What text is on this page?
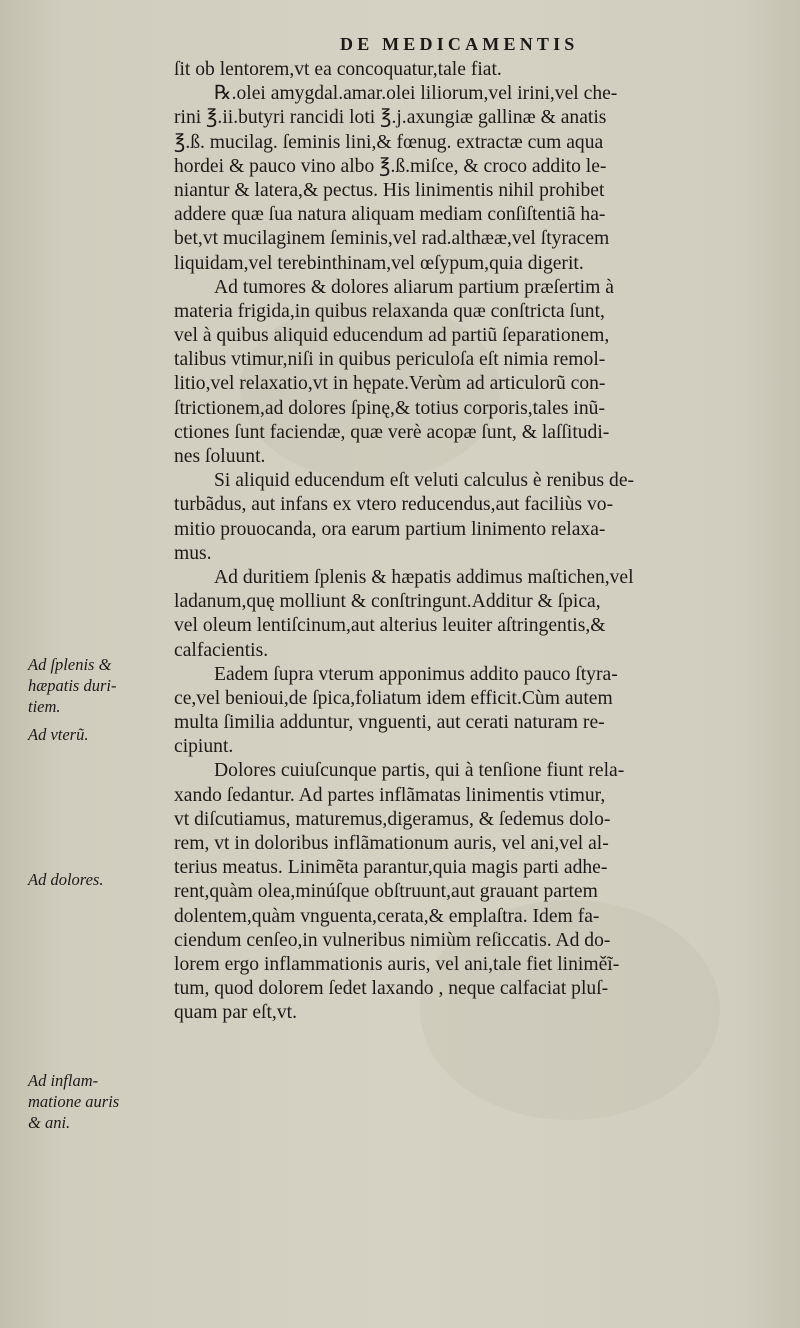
DE MEDICAMENTIS
ſit ob lentorem,vt ea concoquatur,tale fiat.
℞.olei amygdal.amar.olei liliorum,vel irini,vel che-
rini ℥.ii.butyri rancidi loti ℥.j.axungiæ gallinæ & anatis
℥.ß. mucilag. ſeminis lini,& fœnug. extractæ cum aqua
hordei & pauco vino albo ℥.ß.miſce, & croco addito le-
niantur & latera,& pectus. His linimentis nihil prohibet
addere quæ ſua natura aliquam mediam conſiſtentiã ha-
bet,vt mucilaginem ſeminis,vel rad.althææ,vel ſtyracem
liquidam,vel terebinthinam,vel œſypum,quia digerit.
Ad tumores & dolores aliarum partium præſertim à
materia frigida,in quibus relaxanda quæ conſtricta ſunt,
vel à quibus aliquid educendum ad partiũ ſeparationem,
talibus vtimur,niſi in quibus periculoſa eſt nimia remol-
litio,vel relaxatio,vt in hępate.Verùm ad articulorũ con-
ſtrictionem,ad dolores ſpinę,& totius corporis,tales inũ-
ctiones ſunt faciendæ, quæ verè acopæ ſunt, & laſſitudi-
nes ſoluunt.
Si aliquid educendum eſt veluti calculus è renibus de-
turbãdus, aut infans ex vtero reducendus,aut faciliùs vo-
mitio prouocanda, ora earum partium linimento relaxa-
mus.
Ad duritiem ſplenis & hæpatis addimus maſtichen,vel
ladanum,quę molliunt & conſtringunt.Additur & ſpica,
vel oleum lentiſcinum,aut alterius leuiter aſtringentis,&
calfacientis.
Eadem ſupra vterum apponimus addito pauco ſtyra-
ce,vel benioui,de ſpica,foliatum idem efficit.Cùm autem
multa ſimilia adduntur, vnguenti, aut cerati naturam re-
cipiunt.
Dolores cuiuſcunque partis, qui à tenſione fiunt rela-
xando ſedantur. Ad partes inflãmatas linimentis vtimur,
vt diſcutiamus, maturemus,digeramus, & ſedemus dolo-
rem, vt in doloribus inflãmationum auris, vel ani,vel al-
terius meatus. Linimẽta parantur,quia magis parti adhe-
rent,quàm olea,minúſque obſtruunt,aut grauant partem
dolentem,quàm vnguenta,cerata,& emplaſtra. Idem fa-
ciendum cenſeo,in vulneribus nimiùm reſiccatis. Ad do-
lorem ergo inflammationis auris, vel ani,tale fiet liniměĩ-
tum, quod dolorem ſedet laxando , neque calfaciat pluſ-
quam par eſt,vt.
Ad ſplenis &
hæpatis duri-
tiem.
Ad vterũ.
Ad dolores.
Ad inflam-
matione auris
& ani.
